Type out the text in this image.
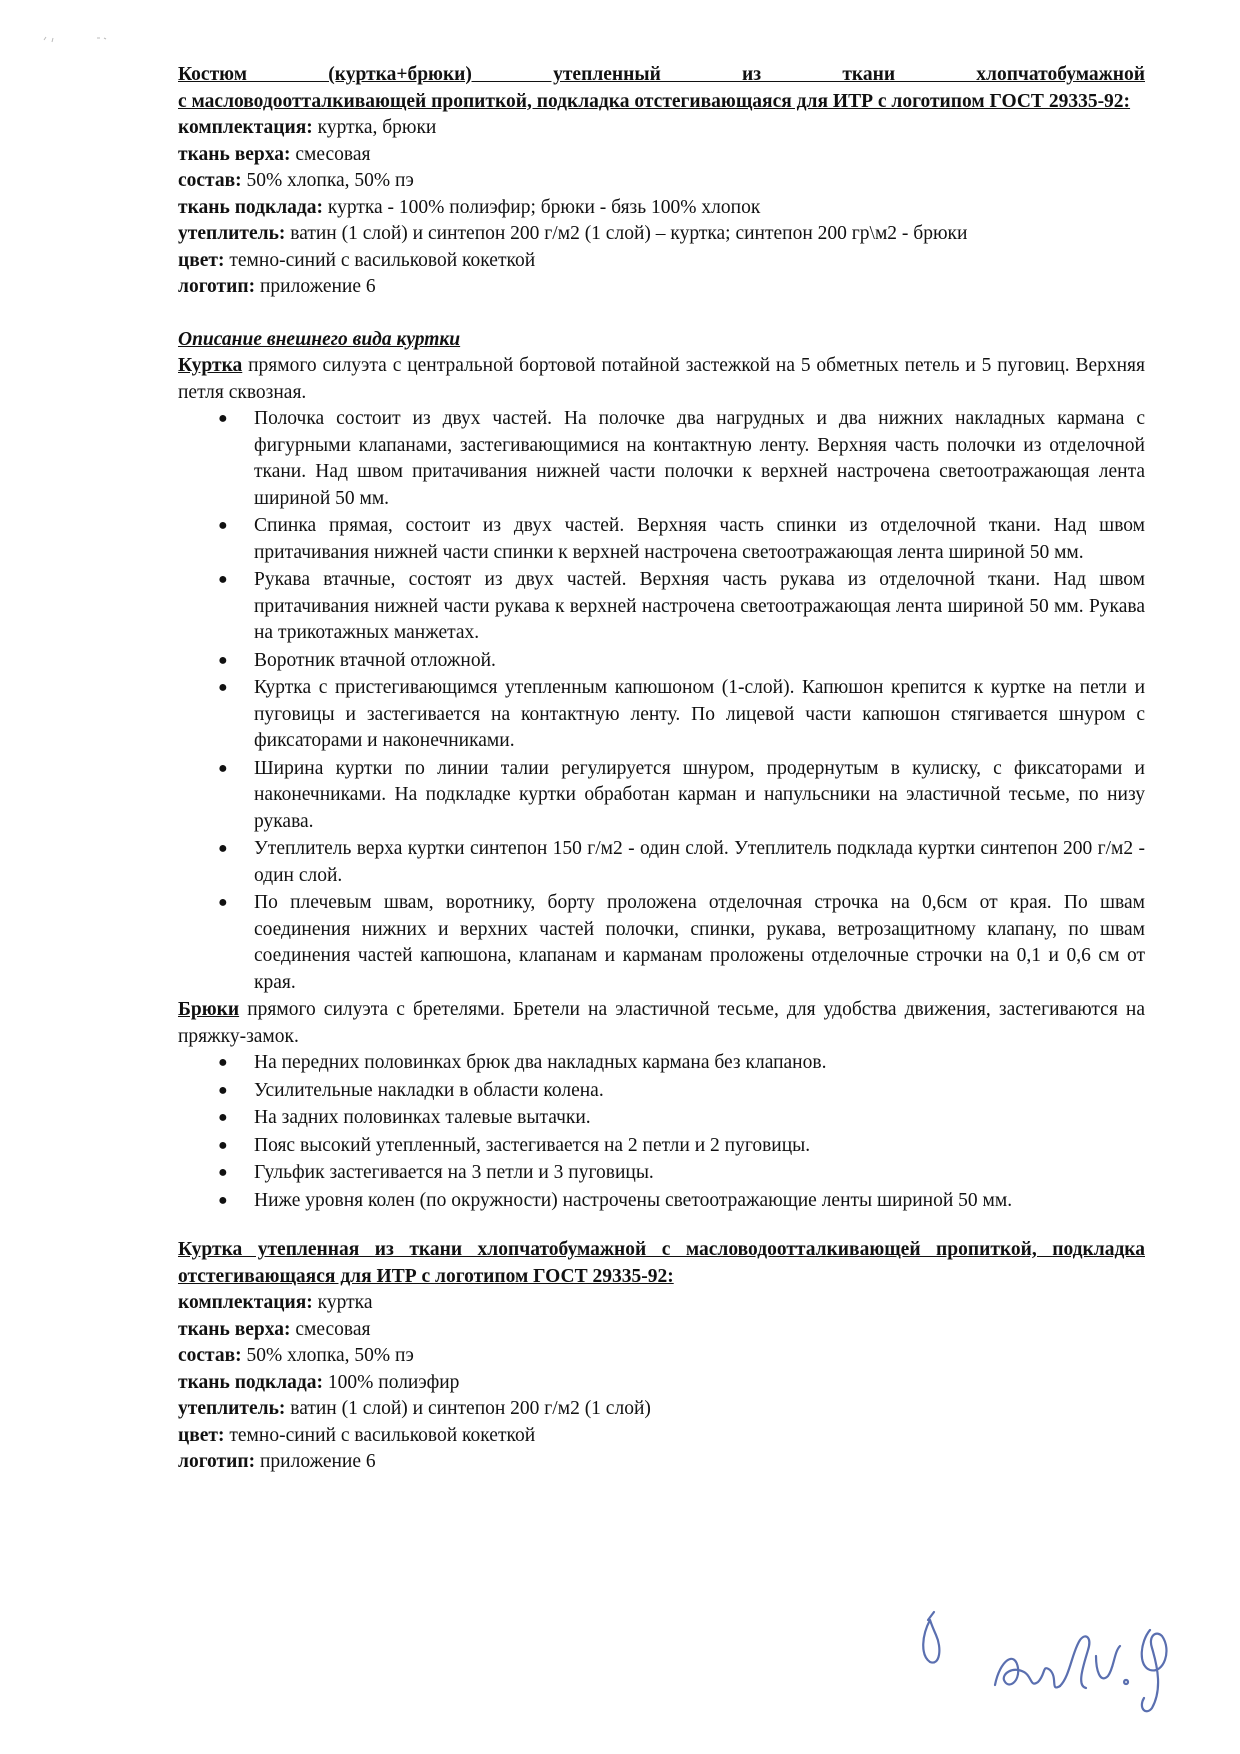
Костюм (куртка+брюки) утепленный из ткани хлопчатобумажной
с масловодоотталкивающей пропиткой, подкладка отстегивающаяся для ИТР с логотипом ГОСТ 29335-92:

комплектация: куртка, брюки

ткань верха: смесовая

состав: 50% хлопка, 50% пэ

ткань подклада: куртка - 100% полиэфир; брюки - бязь 100% хлопок

утеплитель: ватин (1 слой) и синтепон 200 г/м2 (1 слой) – куртка; синтепон 200 гр\м2 - брюки

цвет: темно-синий с васильковой кокеткой

логотип: приложение 6

Описание внешнего вида куртки

Куртка прямого силуэта с центральной бортовой потайной застежкой на 5 обметных петель и 5 пуговиц. Верхняя петля сквозная.

● Полочка состоит из двух частей. На полочке два нагрудных и два нижних накладных кармана с фигурными клапанами, застегивающимися на контактную ленту. Верхняя часть полочки из отделочной ткани. Над швом притачивания нижней части полочки к верхней настрочена светоотражающая лента шириной 50 мм.
● Спинка прямая, состоит из двух частей. Верхняя часть спинки из отделочной ткани. Над швом притачивания нижней части спинки к верхней настрочена светоотражающая лента шириной 50 мм.
● Рукава втачные, состоят из двух частей. Верхняя часть рукава из отделочной ткани. Над швом притачивания нижней части рукава к верхней настрочена светоотражающая лента шириной 50 мм. Рукава на трикотажных манжетах.
● Воротник втачной отложной.
● Куртка с пристегивающимся утепленным капюшоном (1-слой). Капюшон крепится к куртке на петли и пуговицы и застегивается на контактную ленту. По лицевой части капюшон стягивается шнуром с фиксаторами и наконечниками.
● Ширина куртки по линии талии регулируется шнуром, продернутым в кулиску, с фиксаторами и наконечниками. На подкладке куртки обработан карман и напульсники на эластичной тесьме, по низу рукава.
● Утеплитель верха куртки синтепон 150 г/м2 - один слой. Утеплитель подклада куртки синтепон 200 г/м2 - один слой.
● По плечевым швам, воротнику, борту проложена отделочная строчка на 0,6см от края. По швам соединения нижних и верхних частей полочки, спинки, рукава, ветрозащитному клапану, по швам соединения частей капюшона, клапанам и карманам проложены отделочные строчки на 0,1 и 0,6 см от края.

Брюки прямого силуэта с бретелями. Бретели на эластичной тесьме, для удобства движения, застегиваются на пряжку-замок.

● На передних половинках брюк два накладных кармана без клапанов.
● Усилительные накладки в области колена.
● На задних половинках талевые вытачки.
● Пояс высокий утепленный, застегивается на 2 петли и 2 пуговицы.
● Гульфик застегивается на 3 петли и 3 пуговицы.
● Ниже уровня колен (по окружности) настрочены светоотражающие ленты шириной 50 мм.
Куртка утепленная из ткани хлопчатобумажной с масловодоотталкивающей пропиткой, подкладка отстегивающаяся для ИТР с логотипом ГОСТ 29335-92:

комплектация: куртка

ткань верха: смесовая

состав: 50% хлопка, 50% пэ

ткань подклада: 100% полиэфир

утеплитель: ватин (1 слой) и синтепон 200 г/м2 (1 слой)

цвет: темно-синий с васильковой кокеткой

логотип: приложение 6
